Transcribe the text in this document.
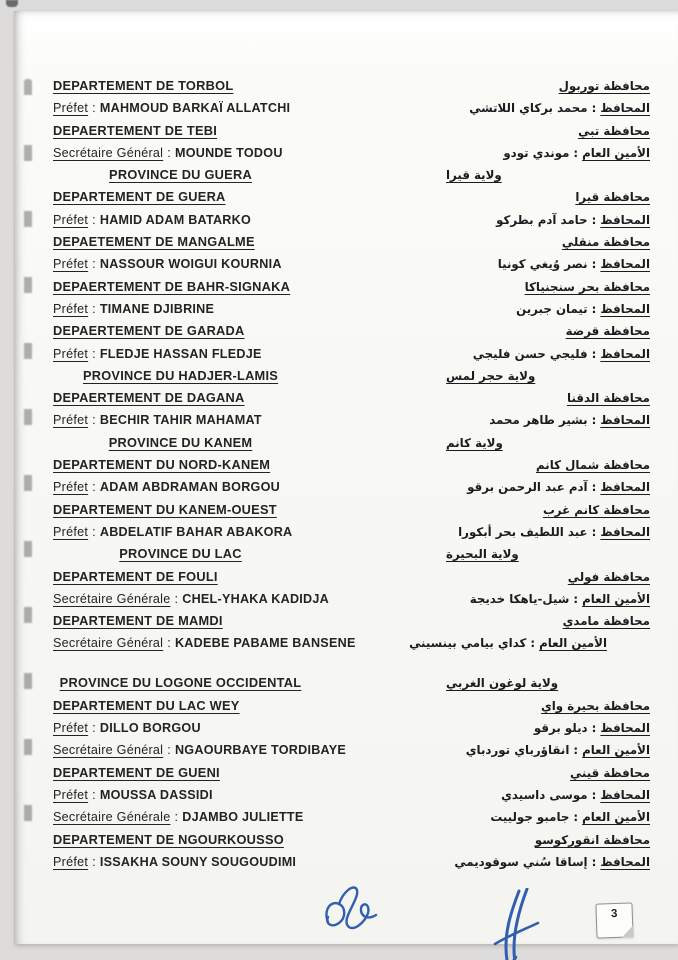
DEPARTEMENT DE TORBOL	محافظة توربول
Préfet : MAHMOUD BARKAÏ ALLATCHI	المحافظ:محمد بركاي اللاتشي
DEPAERTEMENT DE TEBI	محافظة تبي
Secrétaire Général : MOUNDE TODOU	الأمين العام:موندي تودو
PROVINCE DU GUERA	ولاية قيرا
DEPARTEMENT DE GUERA	محافظة قيرا
Préfet : HAMID ADAM BATARKO	المحافظ:حامد آدم بطركو
DEPAETEMENT DE MANGALME	محافظة منقلي
Préfet : NASSOUR WOIGUI KOURNIA	المحافظ:نصر وُيغي كونيا
DEPAERTEMENT DE BAHR-SIGNAKA	محافظة بحر سنجنياكا
Préfet : TIMANE DJIBRINE	المحافظ:تيمان جبرين
DEPAERTEMENT DE GARADA	محافظة قرضة
Préfet : FLEDJE HASSAN FLEDJE	المحافظ:فليجي حسن فليجي
PROVINCE DU HADJER-LAMIS	ولاية حجر لمس
DEPAERTEMENT DE DAGANA	محافظة الدقنا
Préfet : BECHIR TAHIR MAHAMAT	المحافظ:بشير طاهر محمد
PROVINCE DU KANEM	ولاية كانم
DEPARTEMENT DU NORD-KANEM	محافظة شمال كانم
Préfet : ADAM ABDRAMAN BORGOU	المحافظ:آدم عبد الرحمن برقو
DEPARTEMENT DU KANEM-OUEST	محافظة كانم غرب
Préfet : ABDELATIF BAHAR ABAKORA	المحافظ:عبد اللطيف بحر أبكورا
PROVINCE DU LAC	ولاية البحيرة
DEPARTEMENT DE FOULI	محافظة فولي
Secrétaire Générale : CHEL-YHAKA KADIDJA	الأمين العام:شيل-ياهكا خديجة
DEPARTEMENT DE MAMDI	محافظة مامدي
Secrétaire Général : KADEBE PABAME BANSENE	الأمين العام:كداي بيامي بينسيني
PROVINCE DU LOGONE OCCIDENTAL	ولاية لوغون الغربي
DEPARTEMENT DU LAC WEY	محافظة بحيرة واي
Préfet : DILLO BORGOU	المحافظ:ديلو برقو
Secrétaire Général : NGAOURBAYE TORDIBAYE	الأمين العام:انقاؤرباي توردباي
DEPARTEMENT DE GUENI	محافظة قيني
Préfet : MOUSSA DASSIDI	المحافظ:موسى داسيدي
Secrétaire Générale : DJAMBO JULIETTE	الأمين العام:جامبو جولييت
DEPARTEMENT DE NGOURKOUSSO	محافظة انقوركوسو
Préfet : ISSAKHA SOUNY SOUGOUDIMI	المحافظ:إساقا سُني سوقوديمي
3
